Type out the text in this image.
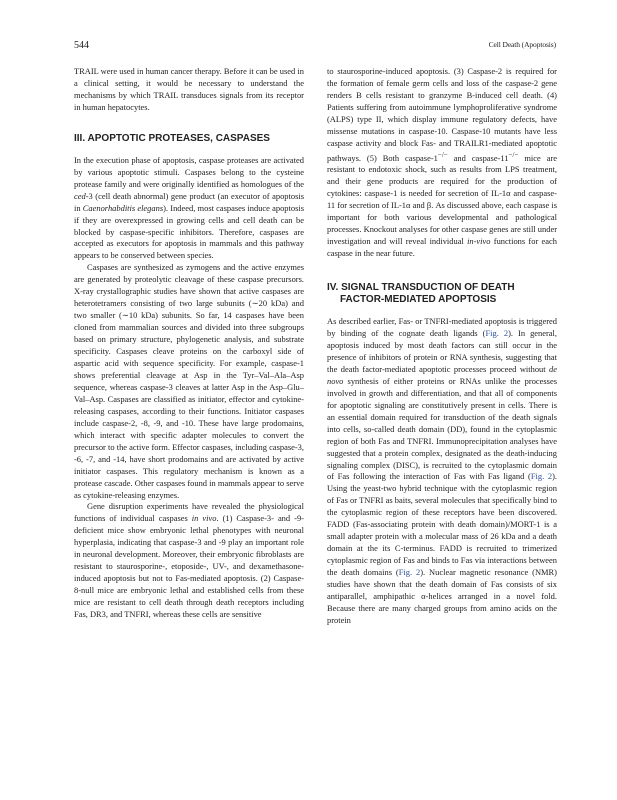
544	Cell Death (Apoptosis)

TRAIL were used in human cancer therapy. Before it can be used in a clinical setting, it would be necessary to understand the mechanisms by which TRAIL transduces signals from its receptor in human hepatocytes.

III. APOPTOTIC PROTEASES, CASPASES

In the execution phase of apoptosis, caspase proteases are activated by various apoptotic stimuli. Caspases belong to the cysteine protease family and were originally identified as homologues of the ced-3 (cell death abnormal) gene product (an executor of apoptosis in Caenorhabditis elegans). Indeed, most caspases induce apoptosis if they are overexpressed in growing cells and cell death can be blocked by caspase-specific inhibitors. Therefore, caspases are accepted as executors for apoptosis in mammals and this pathway appears to be conserved between species.

Caspases are synthesized as zymogens and the active enzymes are generated by proteolytic cleavage of these caspase precursors. X-ray crystallographic studies have shown that active caspases are heterotetramers consisting of two large subunits (∼20 kDa) and two smaller (∼10 kDa) subunits. So far, 14 caspases have been cloned from mammalian sources and divided into three subgroups based on primary structure, phylogenetic analysis, and substrate specificity. Caspases cleave proteins on the carboxyl side of aspartic acid with sequence specificity. For example, caspase-1 shows preferential cleavage at Asp in the Tyr–Val–Ala–Asp sequence, whereas caspase-3 cleaves at latter Asp in the Asp–Glu–Val–Asp. Caspases are classified as initiator, effector and cytokine-releasing caspases, according to their functions. Initiator caspases include caspase-2, -8, -9, and -10. These have large prodomains, which interact with specific adapter molecules to convert the precursor to the active form. Effector caspases, including caspase-3, -6, -7, and -14, have short prodomains and are activated by active initiator caspases. This regulatory mechanism is known as a protease cascade. Other caspases found in mammals appear to serve as cytokine-releasing enzymes.

Gene disruption experiments have revealed the physiological functions of individual caspases in vivo. (1) Caspase-3- and -9-deficient mice show embryonic lethal phenotypes with neuronal hyperplasia, indicating that caspase-3 and -9 play an important role in neuronal development. Moreover, their embryonic fibroblasts are resistant to staurosporine-, etoposide-, UV-, and dexamethasone-induced apoptosis but not to Fas-mediated apoptosis. (2) Caspase-8-null mice are embryonic lethal and established cells from these mice are resistant to cell death through death receptors including Fas, DR3, and TNFRI, whereas these cells are sensitive

to staurosporine-induced apoptosis. (3) Caspase-2 is required for the formation of female germ cells and loss of the caspase-2 gene renders B cells resistant to granzyme B-induced cell death. (4) Patients suffering from autoimmune lymphoproliferative syndrome (ALPS) type II, which display immune regulatory defects, have missense mutations in caspase-10. Caspase-10 mutants have less caspase activity and block Fas- and TRAILR1-mediated apoptotic pathways. (5) Both caspase-1−/− and caspase-11−/− mice are resistant to endotoxic shock, such as results from LPS treatment, and their gene products are required for the production of cytokines: caspase-1 is needed for secretion of IL-1α and caspase-11 for secretion of IL-1α and β. As discussed above, each caspase is important for both various developmental and pathological processes. Knockout analyses for other caspase genes are still under investigation and will reveal individual in-vivo functions for each caspase in the near future.

IV. SIGNAL TRANSDUCTION OF DEATH
FACTOR-MEDIATED APOPTOSIS

As described earlier, Fas- or TNFRI-mediated apoptosis is triggered by binding of the cognate death ligands (Fig. 2). In general, apoptosis induced by most death factors can still occur in the presence of inhibitors of protein or RNA synthesis, suggesting that the death factor-mediated apoptotic processes proceed without de novo synthesis of either proteins or RNAs unlike the processes involved in growth and differentiation, and that all of components for apoptotic signaling are constitutively present in cells. There is an essential domain required for transduction of the death signals into cells, so-called death domain (DD), found in the cytoplasmic region of both Fas and TNFRI. Immunoprecipitation analyses have suggested that a protein complex, designated as the death-inducing signaling complex (DISC), is recruited to the cytoplasmic domain of Fas following the interaction of Fas with Fas ligand (Fig. 2). Using the yeast-two hybrid technique with the cytoplasmic region of Fas or TNFRI as baits, several molecules that specifically bind to the cytoplasmic region of these receptors have been discovered. FADD (Fas-associating protein with death domain)/MORT-1 is a small adapter protein with a molecular mass of 26 kDa and a death domain at the its C-terminus. FADD is recruited to trimerized cytoplasmic region of Fas and binds to Fas via interactions between the death domains (Fig. 2). Nuclear magnetic resonance (NMR) studies have shown that the death domain of Fas consists of six antiparallel, amphipathic α-helices arranged in a novel fold. Because there are many charged groups from amino acids on the protein
